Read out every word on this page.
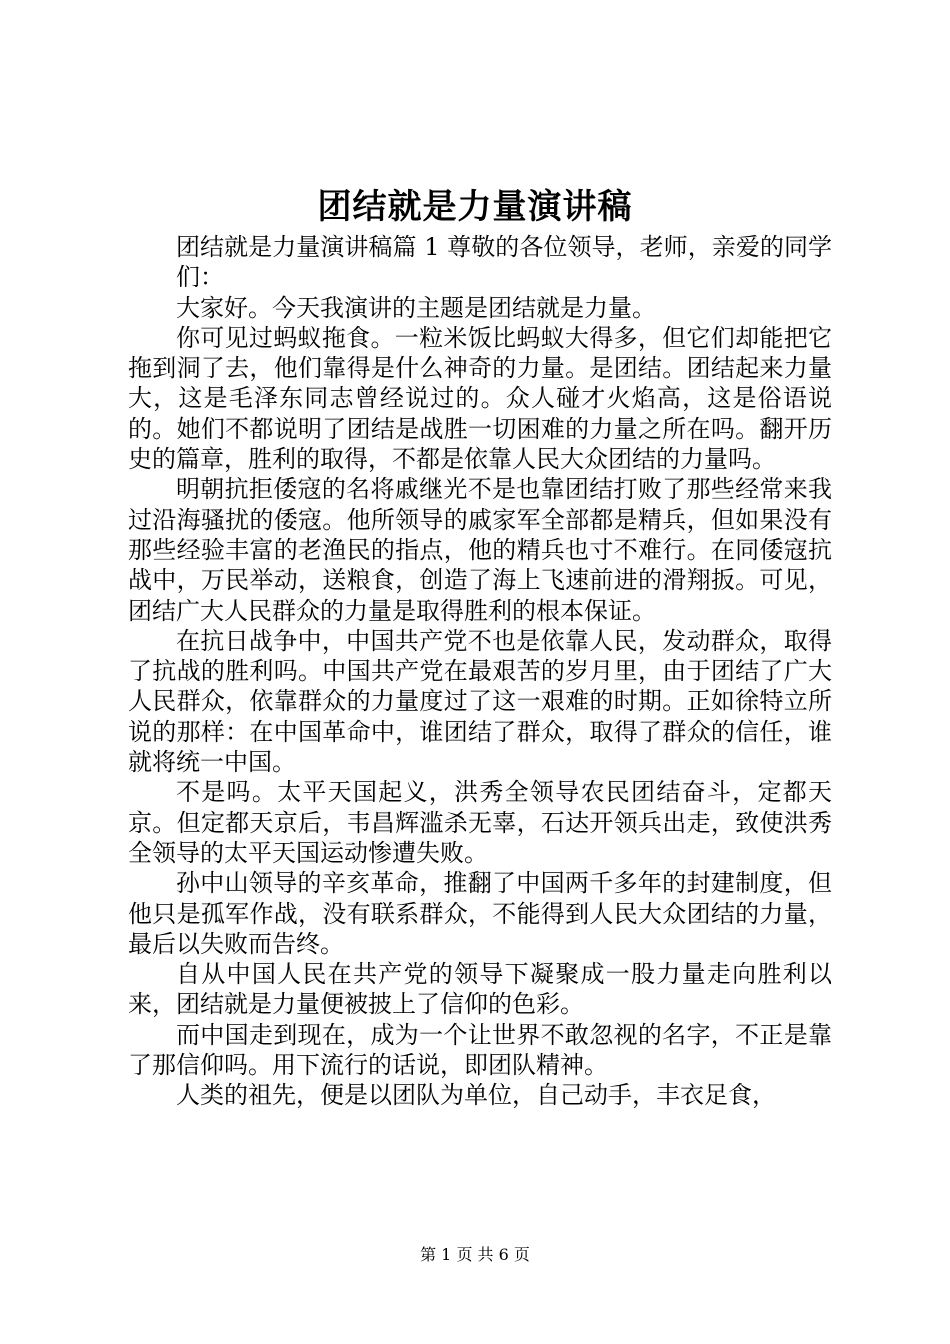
团结就是力量演讲稿

团结就是力量演讲稿篇 1 尊敬的各位领导，老师，亲爱的同学们：

大家好。今天我演讲的主题是团结就是力量。

你可见过蚂蚁拖食。一粒米饭比蚂蚁大得多，但它们却能把它拖到洞了去，他们靠得是什么神奇的力量。是团结。团结起来力量大，这是毛泽东同志曾经说过的。众人碰才火焰高，这是俗语说的。她们不都说明了团结是战胜一切困难的力量之所在吗。翻开历史的篇章，胜利的取得，不都是依靠人民大众团结的力量吗。

明朝抗拒倭寇的名将戚继光不是也靠团结打败了那些经常来我过沿海骚扰的倭寇。他所领导的戚家军全部都是精兵，但如果没有那些经验丰富的老渔民的指点，他的精兵也寸不难行。在同倭寇抗战中，万民举动，送粮食，创造了海上飞速前进的滑翔扳。可见，团结广大人民群众的力量是取得胜利的根本保证。

在抗日战争中，中国共产党不也是依靠人民，发动群众，取得了抗战的胜利吗。中国共产党在最艰苦的岁月里，由于团结了广大人民群众，依靠群众的力量度过了这一艰难的时期。正如徐特立所说的那样：在中国革命中，谁团结了群众，取得了群众的信任，谁就将统一中国。

不是吗。太平天国起义，洪秀全领导农民团结奋斗，定都天京。但定都天京后，韦昌辉滥杀无辜，石达开领兵出走，致使洪秀全领导的太平天国运动惨遭失败。

孙中山领导的辛亥革命，推翻了中国两千多年的封建制度，但他只是孤军作战，没有联系群众，不能得到人民大众团结的力量，最后以失败而告终。

自从中国人民在共产党的领导下凝聚成一股力量走向胜利以来，团结就是力量便被披上了信仰的色彩。

而中国走到现在，成为一个让世界不敢忽视的名字，不正是靠了那信仰吗。用下流行的话说，即团队精神。

人类的祖先，便是以团队为单位，自己动手，丰衣足食，

第 1 页 共 6 页
